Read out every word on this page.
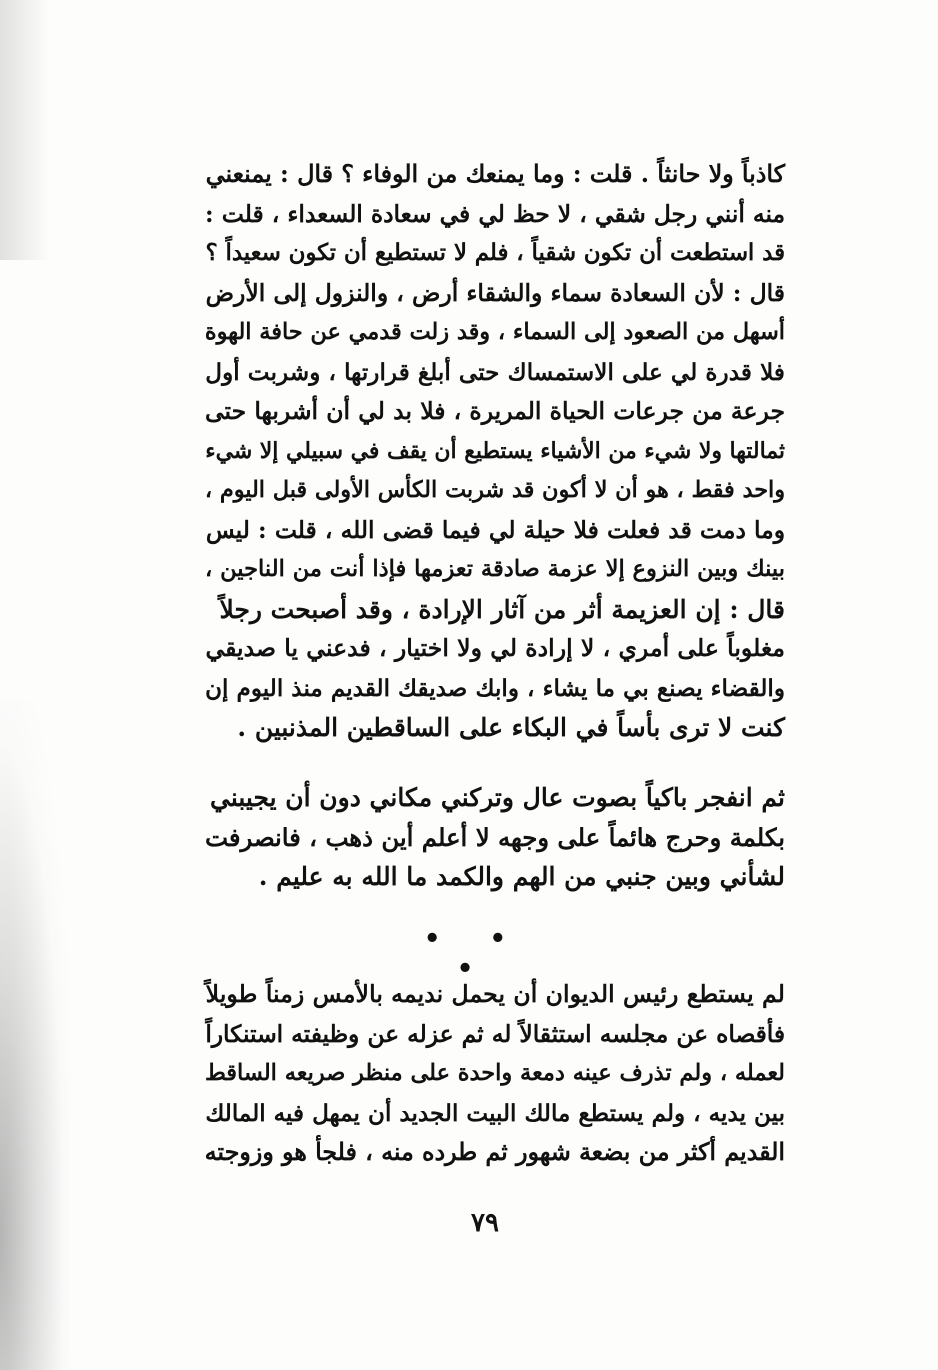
كاذباً ولا حانثاً . قلت : وما يمنعك من الوفاء ؟ قال : يمنعني
منه أنني رجل شقي ، لا حظ لي في سعادة السعداء ، قلت :
قد استطعت أن تكون شقياً ، فلم لا تستطيع أن تكون سعيداً ؟
قال : لأن السعادة سماء والشقاء أرض ، والنزول إلى الأرض
أسهل من الصعود إلى السماء ، وقد زلت قدمي عن حافة الهوة
فلا قدرة لي على الاستمساك حتى أبلغ قرارتها ، وشربت أول
جرعة من جرعات الحياة المريرة ، فلا بد لي أن أشربها حتى
ثمالتها ولا شيء من الأشياء يستطيع أن يقف في سبيلي إلا شيء
واحد فقط ، هو أن لا أكون قد شربت الكأس الأولى قبل اليوم ،
وما دمت قد فعلت فلا حيلة لي فيما قضى الله ، قلت : ليس
بينك وبين النزوع إلا عزمة صادقة تعزمها فإذا أنت من الناجين ،
قال : إن العزيمة أثر من آثار الإرادة ، وقد أصبحت رجلاً
مغلوباً على أمري ، لا إرادة لي ولا اختيار ، فدعني يا صديقي
والقضاء يصنع بي ما يشاء ، وابك صديقك القديم منذ اليوم إن
كنت لا ترى بأساً في البكاء على الساقطين المذنبين .
ثم انفجر باكياً بصوت عال وتركني مكاني دون أن يجيبني
بكلمة وحرج هائماً على وجهه لا أعلم أين ذهب ، فانصرفت
لشأني وبين جنبي من الهم والكمد ما الله به عليم .
• • •
لم يستطع رئيس الديوان أن يحمل نديمه بالأمس زمناً طويلاً
فأقصاه عن مجلسه استثقالاً له ثم عزله عن وظيفته استنكاراً
لعمله ، ولم تذرف عينه دمعة واحدة على منظر صريعه الساقط
بين يديه ، ولم يستطع مالك البيت الجديد أن يمهل فيه المالك
القديم أكثر من بضعة شهور ثم طرده منه ، فلجأ هو وزوجته
٧٩
